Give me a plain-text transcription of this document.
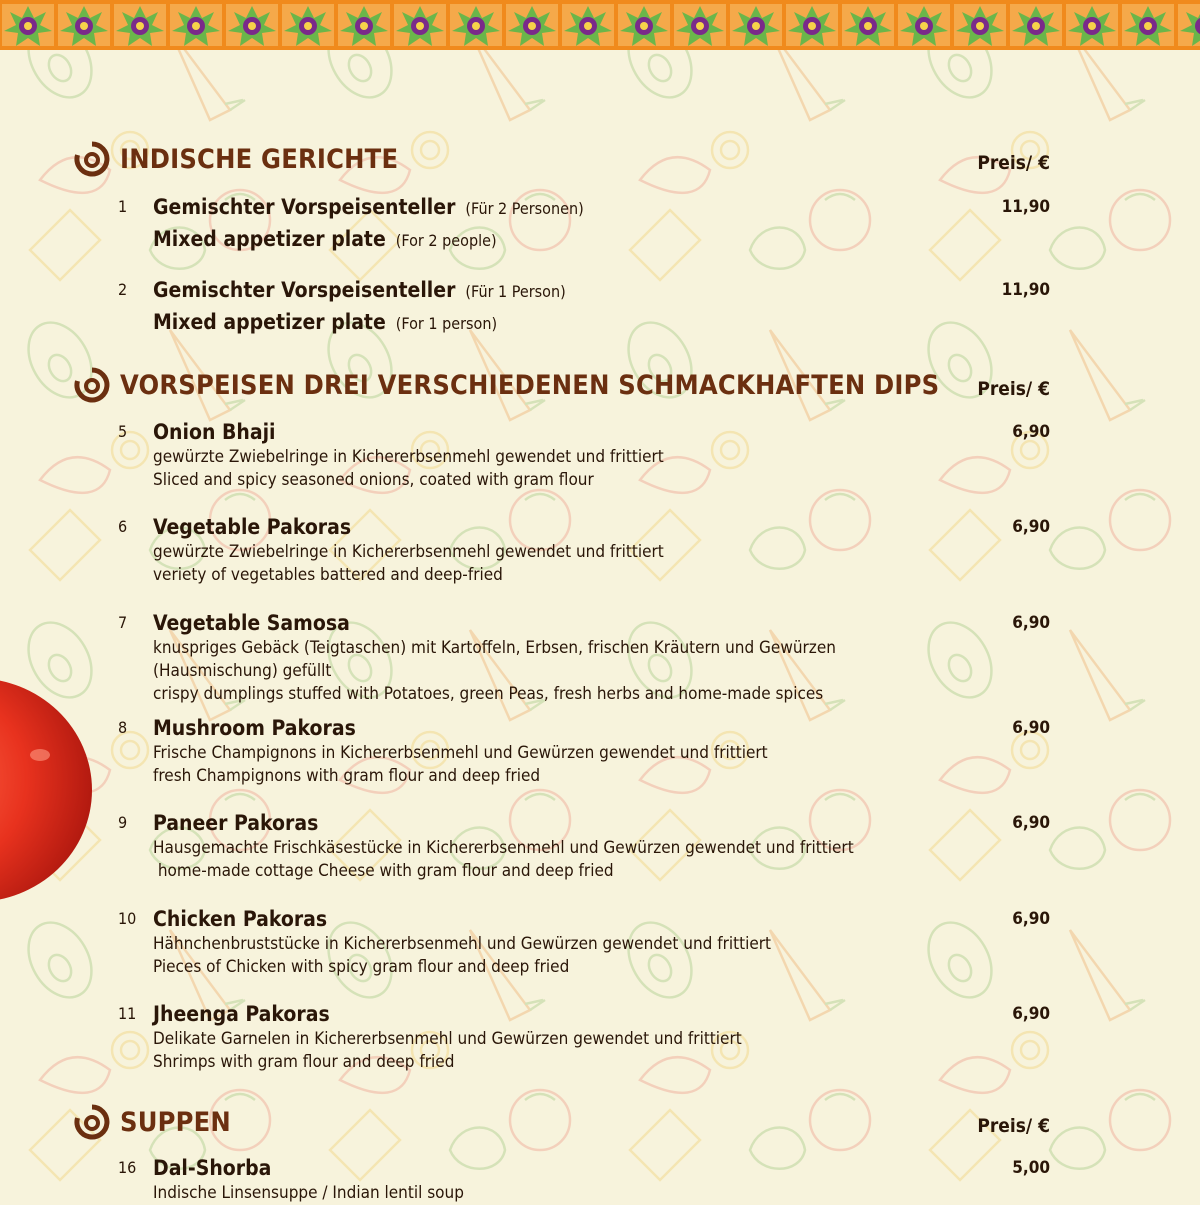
INDISCHE GERICHTE	Preis/ €
1	Gemischter Vorspeisenteller (Für 2 Personen)
Mixed appetizer plate (For 2 people)
11,90
2	Gemischter Vorspeisenteller (Für 1 Person)
Mixed appetizer plate (For 1 person)
11,90
VORSPEISEN DREI VERSCHIEDENEN SCHMACKHAFTEN DIPS	Preis/ €
5	Onion Bhaji
gewürzte Zwiebelringe in Kichererbsenmehl gewendet und frittiert
Sliced and spicy seasoned onions, coated with gram flour
6,90
6	Vegetable Pakoras
gewürzte Zwiebelringe in Kichererbsenmehl gewendet und frittiert
veriety of vegetables battered and deep-fried
6,90
7	Vegetable Samosa
knuspriges Gebäck (Teigtaschen) mit Kartoffeln, Erbsen, frischen Kräutern und Gewürzen (Hausmischung) gefüllt
crispy dumplings stuffed with Potatoes, green Peas, fresh herbs and home-made spices
6,90
8	Mushroom Pakoras
Frische Champignons in Kichererbsenmehl und Gewürzen gewendet und frittiert
fresh Champignons with gram flour and deep fried
6,90
9	Paneer Pakoras
Hausgemachte Frischkäsestücke in Kichererbsenmehl und Gewürzen gewendet und frittiert
home-made cottage Cheese with gram flour and deep fried
6,90
10 Chicken Pakoras
Hähnchenbruststücke in Kichererbsenmehl und Gewürzen gewendet und frittiert
Pieces of Chicken with spicy gram flour and deep fried
6,90
11 Jheenga Pakoras
Delikate Garnelen in Kichererbsenmehl und Gewürzen gewendet und frittiert
Shrimps with gram flour and deep fried
6,90
SUPPEN	Preis/ €
16 Dal-Shorba
Indische Linsensuppe / Indian lentil soup
5,00
